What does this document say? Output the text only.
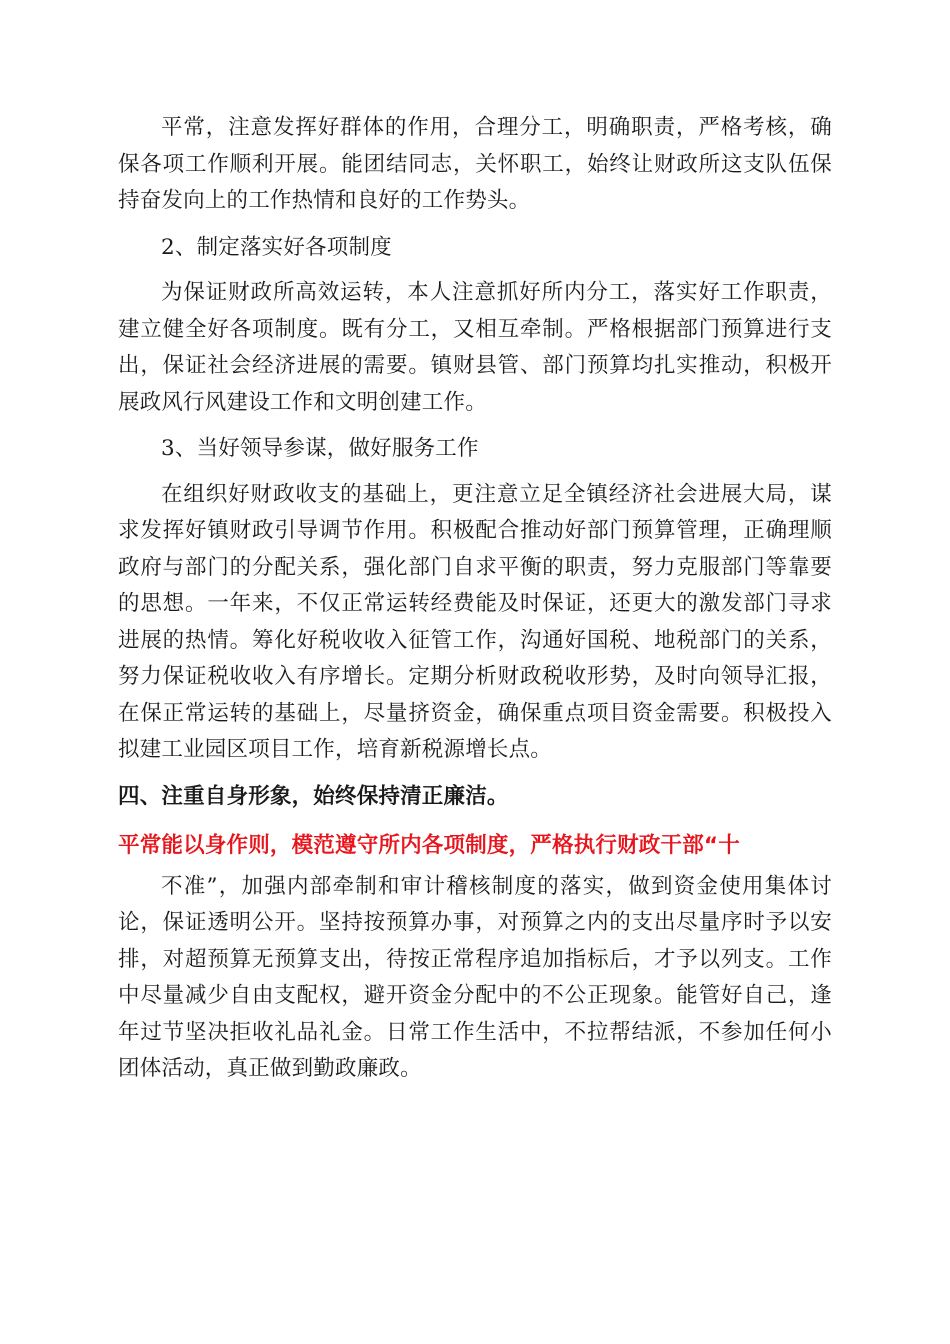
平常，注意发挥好群体的作用，合理分工，明确职责，严格考核，确保各项工作顺利开展。能团结同志，关怀职工，始终让财政所这支队伍保持奋发向上的工作热情和良好的工作势头。

2、制定落实好各项制度

为保证财政所高效运转，本人注意抓好所内分工，落实好工作职责，建立健全好各项制度。既有分工，又相互牵制。严格根据部门预算进行支出，保证社会经济进展的需要。镇财县管、部门预算均扎实推动，积极开展政风行风建设工作和文明创建工作。

3、当好领导参谋，做好服务工作

在组织好财政收支的基础上，更注意立足全镇经济社会进展大局，谋求发挥好镇财政引导调节作用。积极配合推动好部门预算管理，正确理顺政府与部门的分配关系，强化部门自求平衡的职责，努力克服部门等靠要的思想。一年来，不仅正常运转经费能及时保证，还更大的激发部门寻求进展的热情。筹化好税收收入征管工作，沟通好国税、地税部门的关系，努力保证税收收入有序增长。定期分析财政税收形势，及时向领导汇报，在保正常运转的基础上，尽量挤资金，确保重点项目资金需要。积极投入拟建工业园区项目工作，培育新税源增长点。

四、注重自身形象，始终保持清正廉洁。

平常能以身作则，模范遵守所内各项制度，严格执行财政干部“十

不准”，加强内部牵制和审计稽核制度的落实，做到资金使用集体讨论，保证透明公开。坚持按预算办事，对预算之内的支出尽量序时予以安排，对超预算无预算支出，待按正常程序追加指标后，才予以列支。工作中尽量减少自由支配权，避开资金分配中的不公正现象。能管好自己，逢年过节坚决拒收礼品礼金。日常工作生活中，不拉帮结派，不参加任何小团体活动，真正做到勤政廉政。
